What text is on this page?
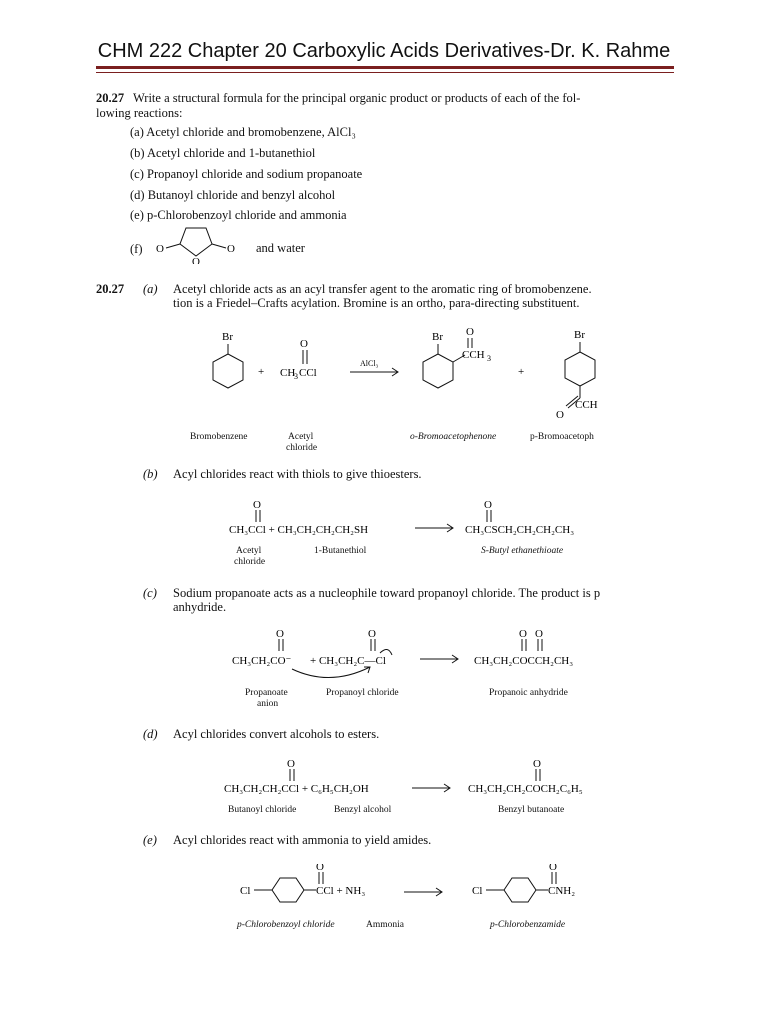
CHM 222 Chapter 20 Carboxylic Acids Derivatives-Dr. K. Rahme
20.27 Write a structural formula for the principal organic product or products of each of the fol-
lowing reactions:
(a) Acetyl chloride and bromobenzene, AlCl₃
(b) Acetyl chloride and 1-butanethiol
(c) Propanoyl chloride and sodium propanoate
(d) Butanoyl chloride and benzyl alcohol
(e) p-Chlorobenzoyl chloride and ammonia
(f) O
O
O and water
20.27 (a) Acetyl chloride acts as an acyl transfer agent to the aromatic ring of bromobenzene.
tion is a Friedel–Crafts acylation. Bromine is an ortho, para-directing substituent.
Br
+
O
CH
3 CCl
AlCl₃
Br O
CCH 3
+
Br
O
CCH
Bromobenzene	Acetyl
chloride
o-Bromoacetophenone	p-Bromoacetoph
(b) Acyl chlorides react with thiols to give thioesters.
O
CH₃CCl + CH₃CH₂CH₂CH₂SH
O
CH₃CSCH₂CH₂CH₂CH₃
Acetyl
chloride
1-Butanethiol	S-Butyl ethanethioate
(c) Sodium propanoate acts as a nucleophile toward propanoyl chloride. The product is p
anhydride.
O
CH₃CH₂CO⁻ + CH₃CH₂C—Cl
O	O O
CH₃CH₂COCCH₂CH₃
Propanoate
anion
Propanoyl chloride	Propanoic anhydride
(d) Acyl chlorides convert alcohols to esters.
O
CH₃CH₂CH₂CCl + C₆H₅CH₂OH
O
CH₃CH₂CH₂COCH₂C₆H₅
Butanoyl chloride	Benzyl alcohol	Benzyl butanoate
(e) Acyl chlorides react with ammonia to yield amides.
Cl
O
CCl + NH₃	Cl
O
CNH₂
p-Chlorobenzoyl chloride	Ammonia	p-Chlorobenzamide
